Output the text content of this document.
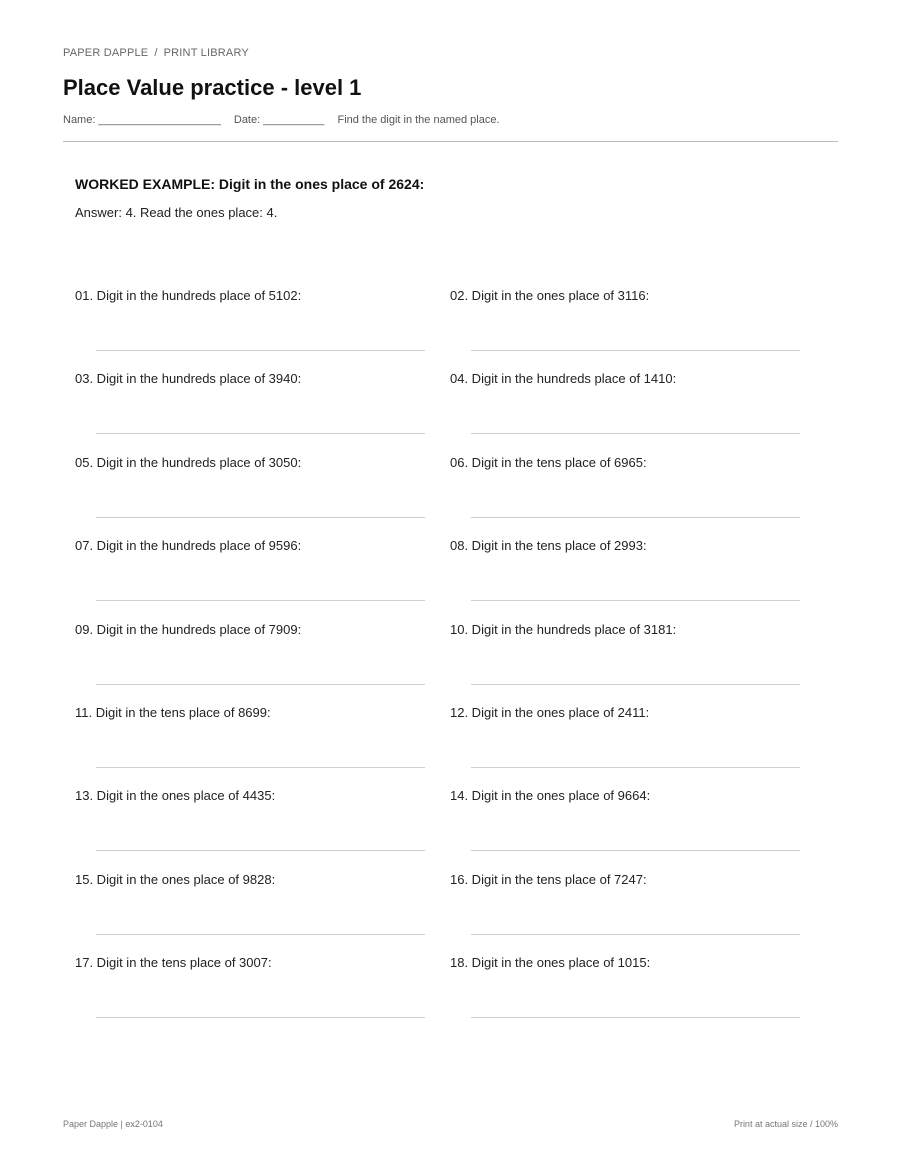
PAPER DAPPLE / PRINT LIBRARY
Place Value practice - level 1
Name: ____________________ Date: __________ Find the digit in the named place.
WORKED EXAMPLE: Digit in the ones place of 2624:
Answer: 4. Read the ones place: 4.
01. Digit in the hundreds place of 5102:	02. Digit in the ones place of 3116:
03. Digit in the hundreds place of 3940:	04. Digit in the hundreds place of 1410:
05. Digit in the hundreds place of 3050:	06. Digit in the tens place of 6965:
07. Digit in the hundreds place of 9596:	08. Digit in the tens place of 2993:
09. Digit in the hundreds place of 7909:	10. Digit in the hundreds place of 3181:
11. Digit in the tens place of 8699:	12. Digit in the ones place of 2411:
13. Digit in the ones place of 4435:	14. Digit in the ones place of 9664:
15. Digit in the ones place of 9828:	16. Digit in the tens place of 7247:
17. Digit in the tens place of 3007:	18. Digit in the ones place of 1015:
Paper Dapple | ex2-0104	Print at actual size / 100%
